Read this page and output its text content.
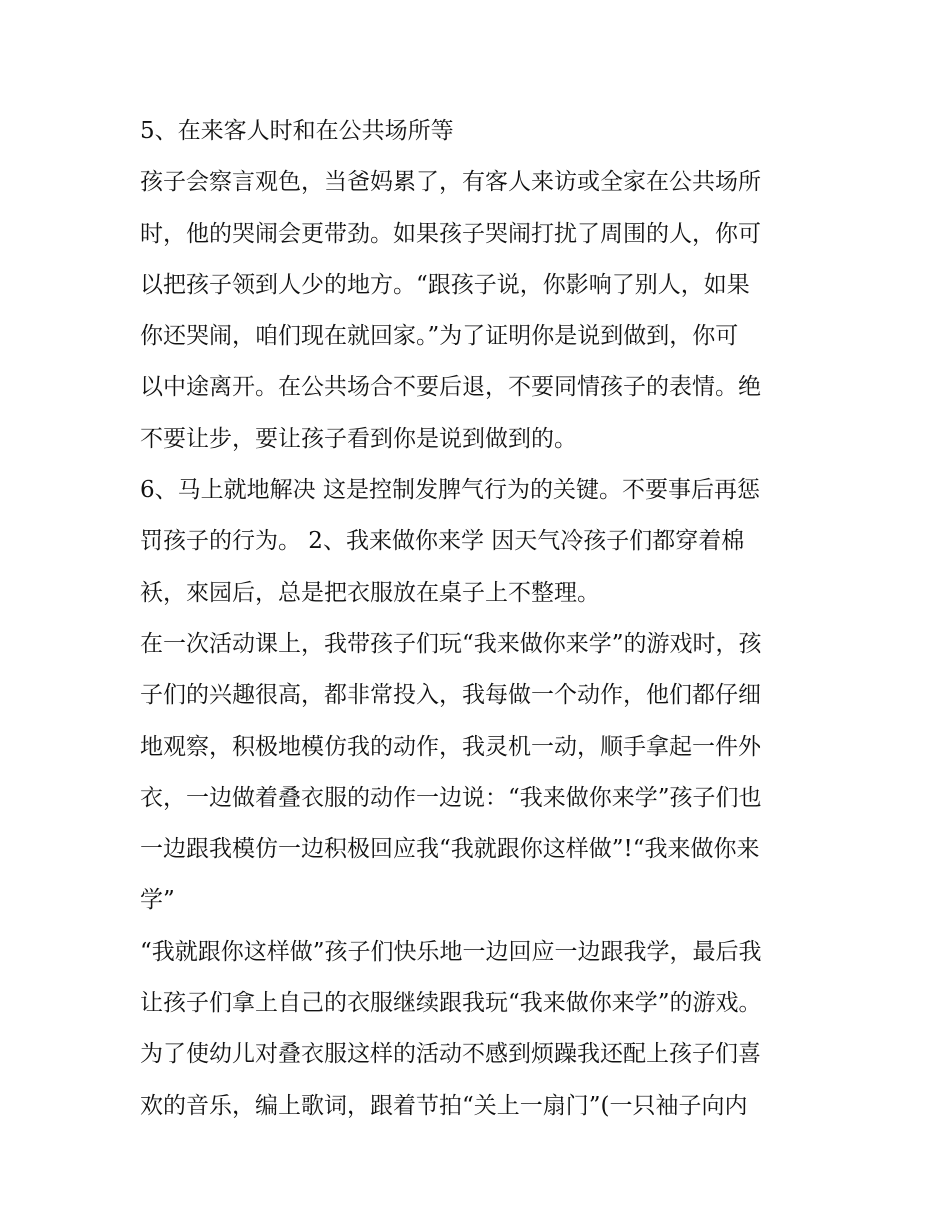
5、在来客人时和在公共场所等
孩子会察言观色，当爸妈累了，有客人来访或全家在公共场所
时，他的哭闹会更带劲。如果孩子哭闹打扰了周围的人，你可
以把孩子领到人少的地方。“跟孩子说，你影响了别人，如果
你还哭闹，咱们现在就回家。”为了证明你是说到做到，你可
以中途离开。在公共场合不要后退，不要同情孩子的表情。绝
不要让步，要让孩子看到你是说到做到的。
6、马上就地解决 这是控制发脾气行为的关键。不要事后再惩
罚孩子的行为。 2、我来做你来学 因天气冷孩子们都穿着棉
袄，來园后，总是把衣服放在桌子上不整理。
在一次活动课上，我带孩子们玩“我来做你来学”的游戏时，孩
子们的兴趣很高，都非常投入，我每做一个动作，他们都仔细
地观察，积极地模仿我的动作，我灵机一动，顺手拿起一件外
衣，一边做着叠衣服的动作一边说：“我来做你来学”孩子们也
一边跟我模仿一边积极回应我“我就跟你这样做”!“我来做你来
学”
“我就跟你这样做”孩子们快乐地一边回应一边跟我学，最后我
让孩子们拿上自己的衣服继续跟我玩“我来做你来学”的游戏。
为了使幼儿对叠衣服这样的活动不感到烦躁我还配上孩子们喜
欢的音乐，编上歌词，跟着节拍“关上一扇门”(一只袖子向内
